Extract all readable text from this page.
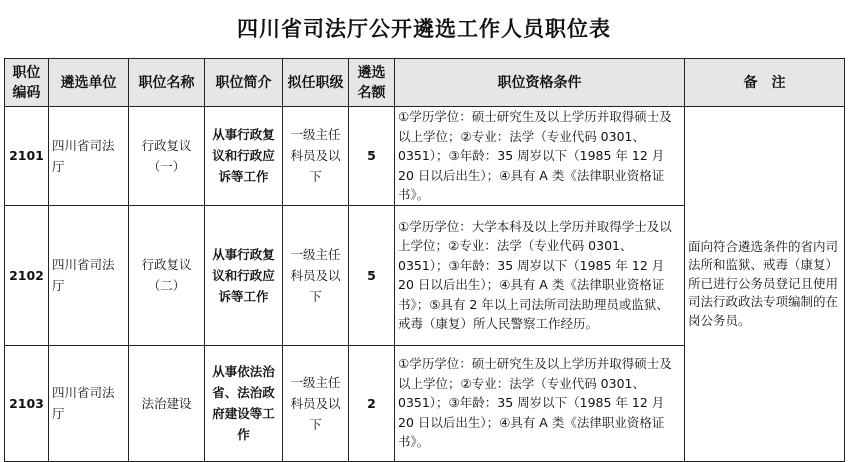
四川省司法厅公开遴选工作人员职位表
职位编码	遴选单位	职位名称	职位简介	拟任职级	遴选名额	职位资格条件	备　注
2101	四川省司法厅	行政复议（一）	从事行政复议和行政应诉等工作	一级主任科员及以下	5	①学历学位：硕士研究生及以上学历并取得硕士及以上学位；②专业：法学（专业代码 0301、0351）；③年龄：35 周岁以下（1985 年 12 月 20 日以后出生）；④具有 A 类《法律职业资格证书》。	面向符合遴选条件的省内司法所和监狱、戒毒（康复）所已进行公务员登记且使用司法行政政法专项编制的在岗公务员。
2102	四川省司法厅	行政复议（二）	从事行政复议和行政应诉等工作	一级主任科员及以下	5	①学历学位：大学本科及以上学历并取得学士及以上学位；②专业：法学（专业代码 0301、0351）；③年龄：35 周岁以下（1985 年 12 月 20 日以后出生）；④具有 A 类《法律职业资格证书》；⑤具有 2 年以上司法所司法助理员或监狱、戒毒（康复）所人民警察工作经历。	
2103	四川省司法厅	法治建设	从事依法治省、法治政府建设等工作	一级主任科员及以下	2	①学历学位：硕士研究生及以上学历并取得硕士及以上学位；②专业：法学（专业代码 0301、0351）；③年龄：35 周岁以下（1985 年 12 月 20 日以后出生）；④具有 A 类《法律职业资格证书》。	
